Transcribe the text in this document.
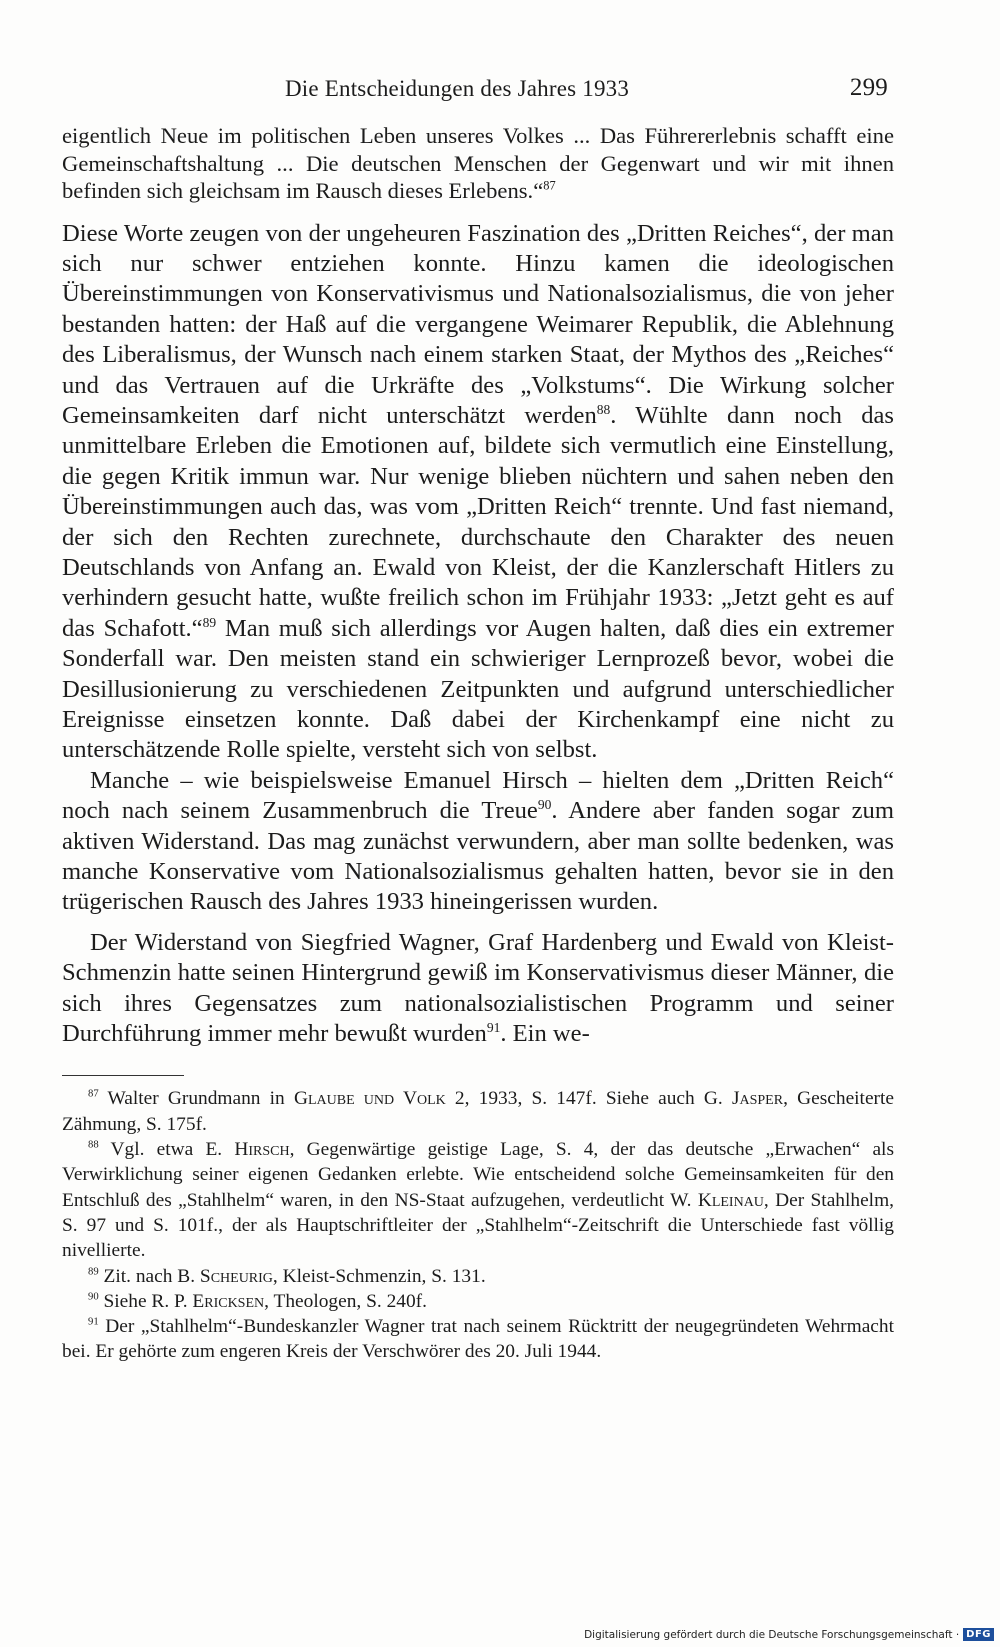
Die Entscheidungen des Jahres 1933	299

eigentlich Neue im politischen Leben unseres Volkes ... Das Führererlebnis schafft eine Gemeinschaftshaltung ... Die deutschen Menschen der Gegenwart und wir mit ihnen befinden sich gleichsam im Rausch dieses Erlebens.“$^{87}$

Diese Worte zeugen von der ungeheuren Faszination des „Dritten Reiches“, der man sich nur schwer entziehen konnte. Hinzu kamen die ideologischen Übereinstimmungen von Konservativismus und Nationalsozialismus, die von jeher bestanden hatten: der Haß auf die vergangene Weimarer Republik, die Ablehnung des Liberalismus, der Wunsch nach einem starken Staat, der Mythos des „Reiches“ und das Vertrauen auf die Urkräfte des „Volkstums“. Die Wirkung solcher Gemeinsamkeiten darf nicht unterschätzt werden$^{88}$. Wühlte dann noch das unmittelbare Erleben die Emotionen auf, bildete sich vermutlich eine Einstellung, die gegen Kritik immun war. Nur wenige blieben nüchtern und sahen neben den Übereinstimmungen auch das, was vom „Dritten Reich“ trennte. Und fast niemand, der sich den Rechten zurechnete, durchschaute den Charakter des neuen Deutschlands von Anfang an. Ewald von Kleist, der die Kanzlerschaft Hitlers zu verhindern gesucht hatte, wußte freilich schon im Frühjahr 1933: „Jetzt geht es auf das Schafott.“$^{89}$ Man muß sich allerdings vor Augen halten, daß dies ein extremer Sonderfall war. Den meisten stand ein schwieriger Lernprozeß bevor, wobei die Desillusionierung zu verschiedenen Zeitpunkten und aufgrund unterschiedlicher Ereignisse einsetzen konnte. Daß dabei der Kirchenkampf eine nicht zu unterschätzende Rolle spielte, versteht sich von selbst.

Manche – wie beispielsweise Emanuel Hirsch – hielten dem „Dritten Reich“ noch nach seinem Zusammenbruch die Treue$^{90}$. Andere aber fanden sogar zum aktiven Widerstand. Das mag zunächst verwundern, aber man sollte bedenken, was manche Konservative vom Nationalsozialismus gehalten hatten, bevor sie in den trügerischen Rausch des Jahres 1933 hineingerissen wurden.

Der Widerstand von Siegfried Wagner, Graf Hardenberg und Ewald von Kleist-Schmenzin hatte seinen Hintergrund gewiß im Konservativismus dieser Männer, die sich ihres Gegensatzes zum nationalsozialistischen Programm und seiner Durchführung immer mehr bewußt wurden$^{91}$. Ein we-

$^{87}$ Walter Grundmann in Glaube und Volk 2, 1933, S. 147f. Siehe auch G. Jasper, Gescheiterte Zähmung, S. 175f.

$^{88}$ Vgl. etwa E. Hirsch, Gegenwärtige geistige Lage, S. 4, der das deutsche „Erwachen“ als Verwirklichung seiner eigenen Gedanken erlebte. Wie entscheidend solche Gemeinsamkeiten für den Entschluß des „Stahlhelm“ waren, in den NS-Staat aufzugehen, verdeutlicht W. Kleinau, Der Stahlhelm, S. 97 und S. 101f., der als Hauptschriftleiter der „Stahlhelm“-Zeitschrift die Unterschiede fast völlig nivellierte.

$^{89}$ Zit. nach B. Scheurig, Kleist-Schmenzin, S. 131.

$^{90}$ Siehe R. P. Ericksen, Theologen, S. 240f.

$^{91}$ Der „Stahlhelm“-Bundeskanzler Wagner trat nach seinem Rücktritt der neugegründeten Wehrmacht bei. Er gehörte zum engeren Kreis der Verschwörer des 20. Juli 1944.

Digitalisierung gefördert durch die Deutsche Forschungsgemeinschaft · DFG
